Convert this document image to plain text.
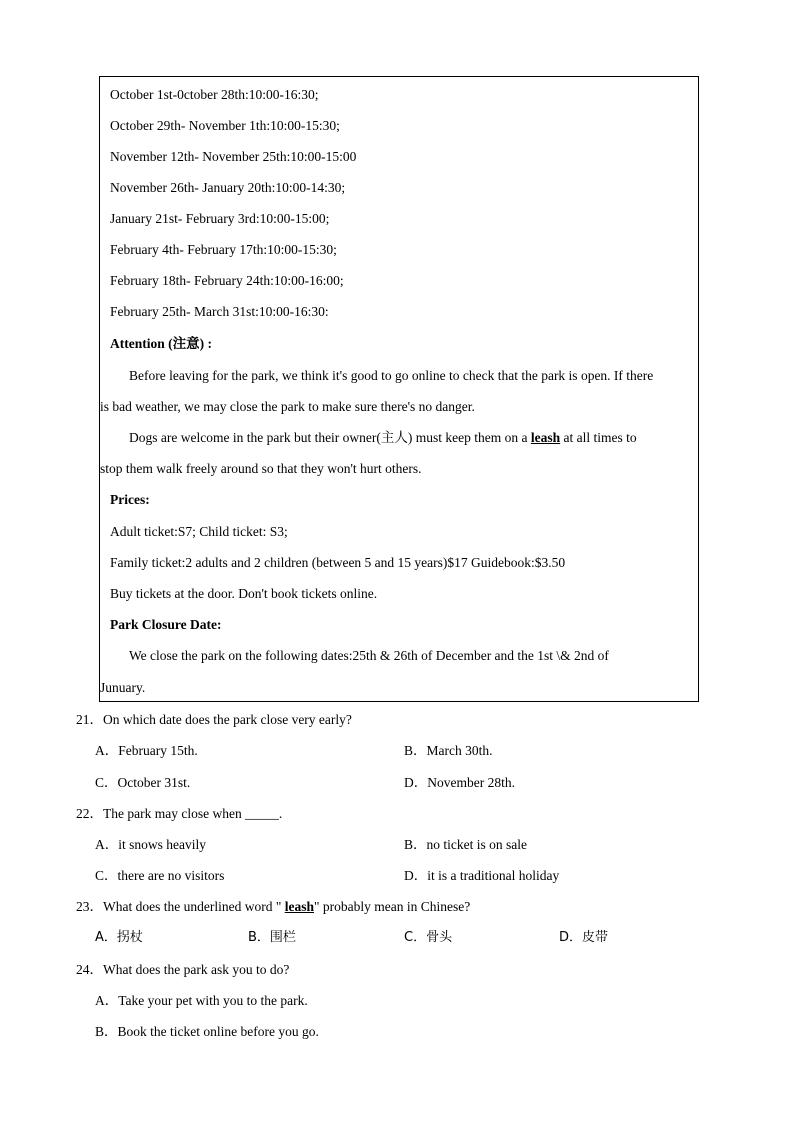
October 1st-0ctober 28th:10:00-16:30;
October 29th- November 1th:10:00-15:30;
November 12th- November 25th:10:00-15:00
November 26th- January 20th:10:00-14:30;
January 21st- February 3rd:10:00-15:00;
February 4th- February 17th:10:00-15:30;
February 18th- February 24th:10:00-16:00;
February 25th- March 31st:10:00-16:30:
Attention (注意) :
Before leaving for the park, we think it's good to go online to check that the park is open. If there
is bad weather, we may close the park to make sure there's no danger.
Dogs are welcome in the park but their owner(主人) must keep them on a leash at all times to
stop them walk freely around so that they won't hurt others.
Prices:
Adult ticket:S7; Child ticket: S3;
Family ticket:2 adults and 2 children (between 5 and 15 years)$17 Guidebook:$3.50
Buy tickets at the door. Don't book tickets online.
Park Closure Date:
We close the park on the following dates:25th & 26th of December and the 1st \& 2nd of
Junuary.
21．On which date does the park close very early?
A．February 15th.	B．March 30th.
C．October 31st.	D．November 28th.
22．The park may close when _____.
A．it snows heavily	B．no ticket is on sale
C．there are no visitors	D．it is a traditional holiday
23．What does the underlined word " leash" probably mean in Chinese?
A．拐杖	B．围栏	C．骨头	D．皮带
24．What does the park ask you to do?
A．Take your pet with you to the park.
B．Book the ticket online before you go.
